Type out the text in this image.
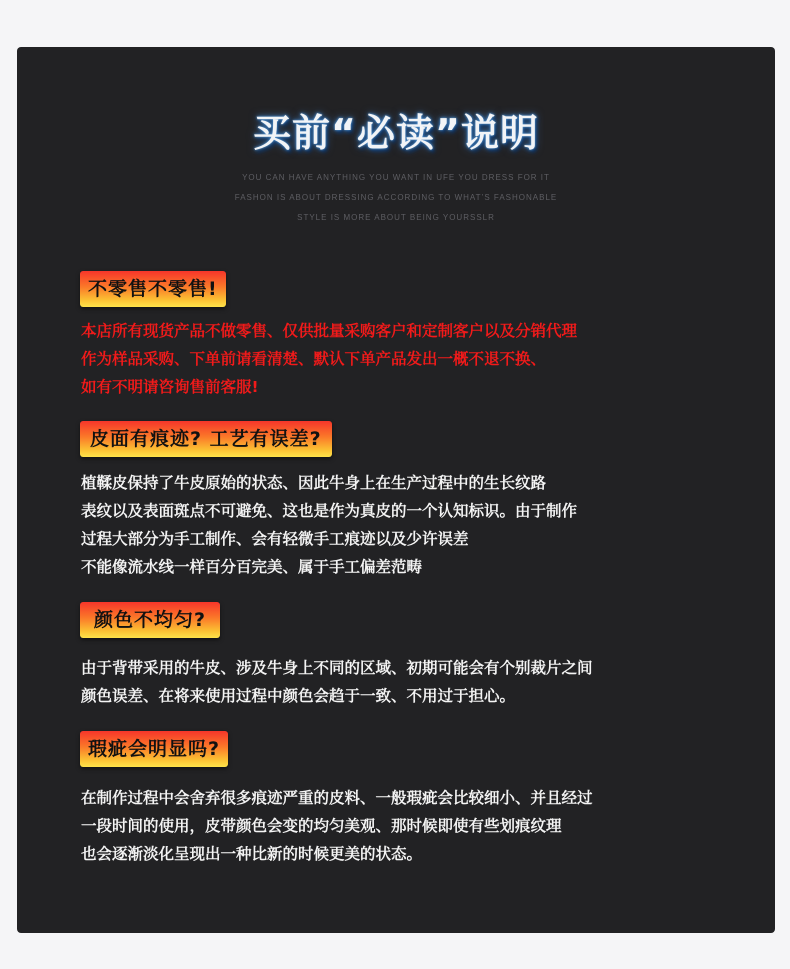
买前“必读”说明
YOU CAN HAVE ANYTHING YOU WANT IN UFE YOU DRESS FOR IT
FASHON IS ABOUT DRESSING ACCORDING TO WHAT’S FASHONABLE
STYLE IS MORE ABOUT BEING YOURSSLR
不零售不零售!

本店所有现货产品不做零售、仅供批量采购客户和定制客户以及分销代理

作为样品采购、下单前请看清楚、默认下单产品发出一概不退不换、

如有不明请咨询售前客服!

皮面有痕迹? 工艺有误差?

植鞣皮保持了牛皮原始的状态、因此牛身上在生产过程中的生长纹路

表纹以及表面斑点不可避免、这也是作为真皮的一个认知标识。由于制作

过程大部分为手工制作、会有轻微手工痕迹以及少许误差

不能像流水线一样百分百完美、属于手工偏差范畴

颜色不均匀?

由于背带采用的牛皮、涉及牛身上不同的区域、初期可能会有个别裁片之间

颜色误差、在将来使用过程中颜色会趋于一致、不用过于担心。

瑕疵会明显吗?

在制作过程中会舍弃很多痕迹严重的皮料、一般瑕疵会比较细小、并且经过

一段时间的使用，皮带颜色会变的均匀美观、那时候即使有些划痕纹理

也会逐渐淡化呈现出一种比新的时候更美的状态。
